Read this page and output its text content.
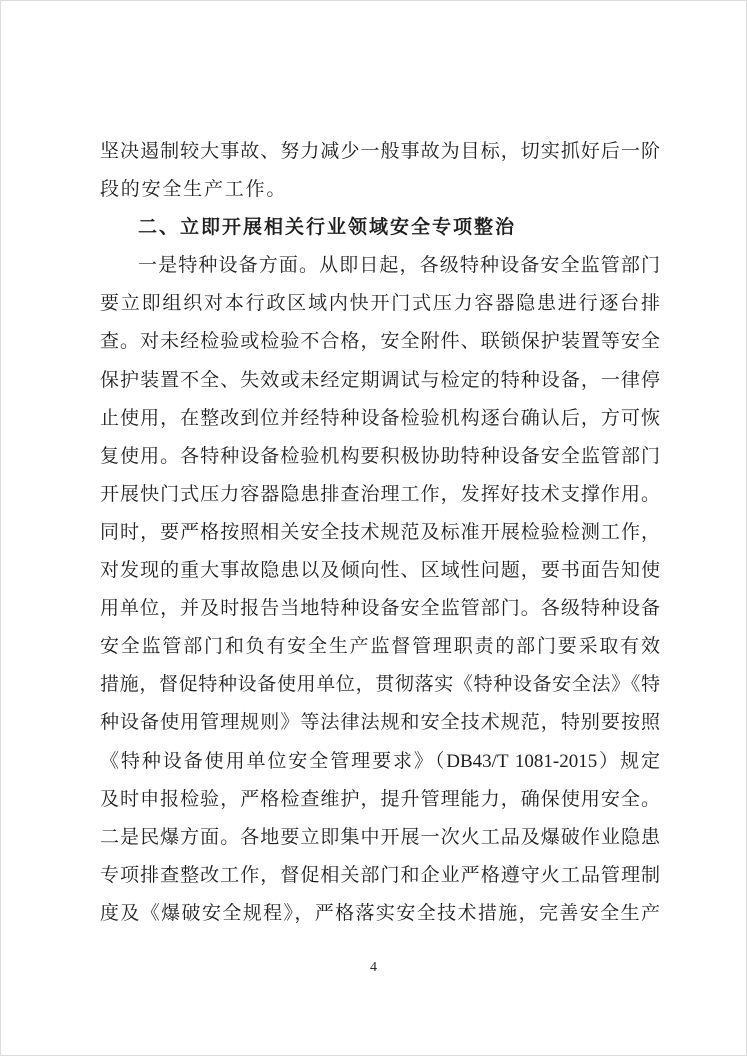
坚决遏制较大事故、努力减少一般事故为目标，切实抓好后一阶
段的安全生产工作。
二、立即开展相关行业领域安全专项整治
一是特种设备方面。从即日起，各级特种设备安全监管部门
要立即组织对本行政区域内快开门式压力容器隐患进行逐台排
查。对未经检验或检验不合格，安全附件、联锁保护装置等安全
保护装置不全、失效或未经定期调试与检定的特种设备，一律停
止使用，在整改到位并经特种设备检验机构逐台确认后，方可恢
复使用。各特种设备检验机构要积极协助特种设备安全监管部门
开展快门式压力容器隐患排查治理工作，发挥好技术支撑作用。
同时，要严格按照相关安全技术规范及标准开展检验检测工作，
对发现的重大事故隐患以及倾向性、区域性问题，要书面告知使
用单位，并及时报告当地特种设备安全监管部门。各级特种设备
安全监管部门和负有安全生产监督管理职责的部门要采取有效
措施，督促特种设备使用单位，贯彻落实《特种设备安全法》《特
种设备使用管理规则》等法律法规和安全技术规范，特别要按照
《特种设备使用单位安全管理要求》（DB43/T 1081-2015）规定
及时申报检验，严格检查维护，提升管理能力，确保使用安全。
二是民爆方面。各地要立即集中开展一次火工品及爆破作业隐患
专项排查整改工作，督促相关部门和企业严格遵守火工品管理制
度及《爆破安全规程》，严格落实安全技术措施，完善安全生产
4
